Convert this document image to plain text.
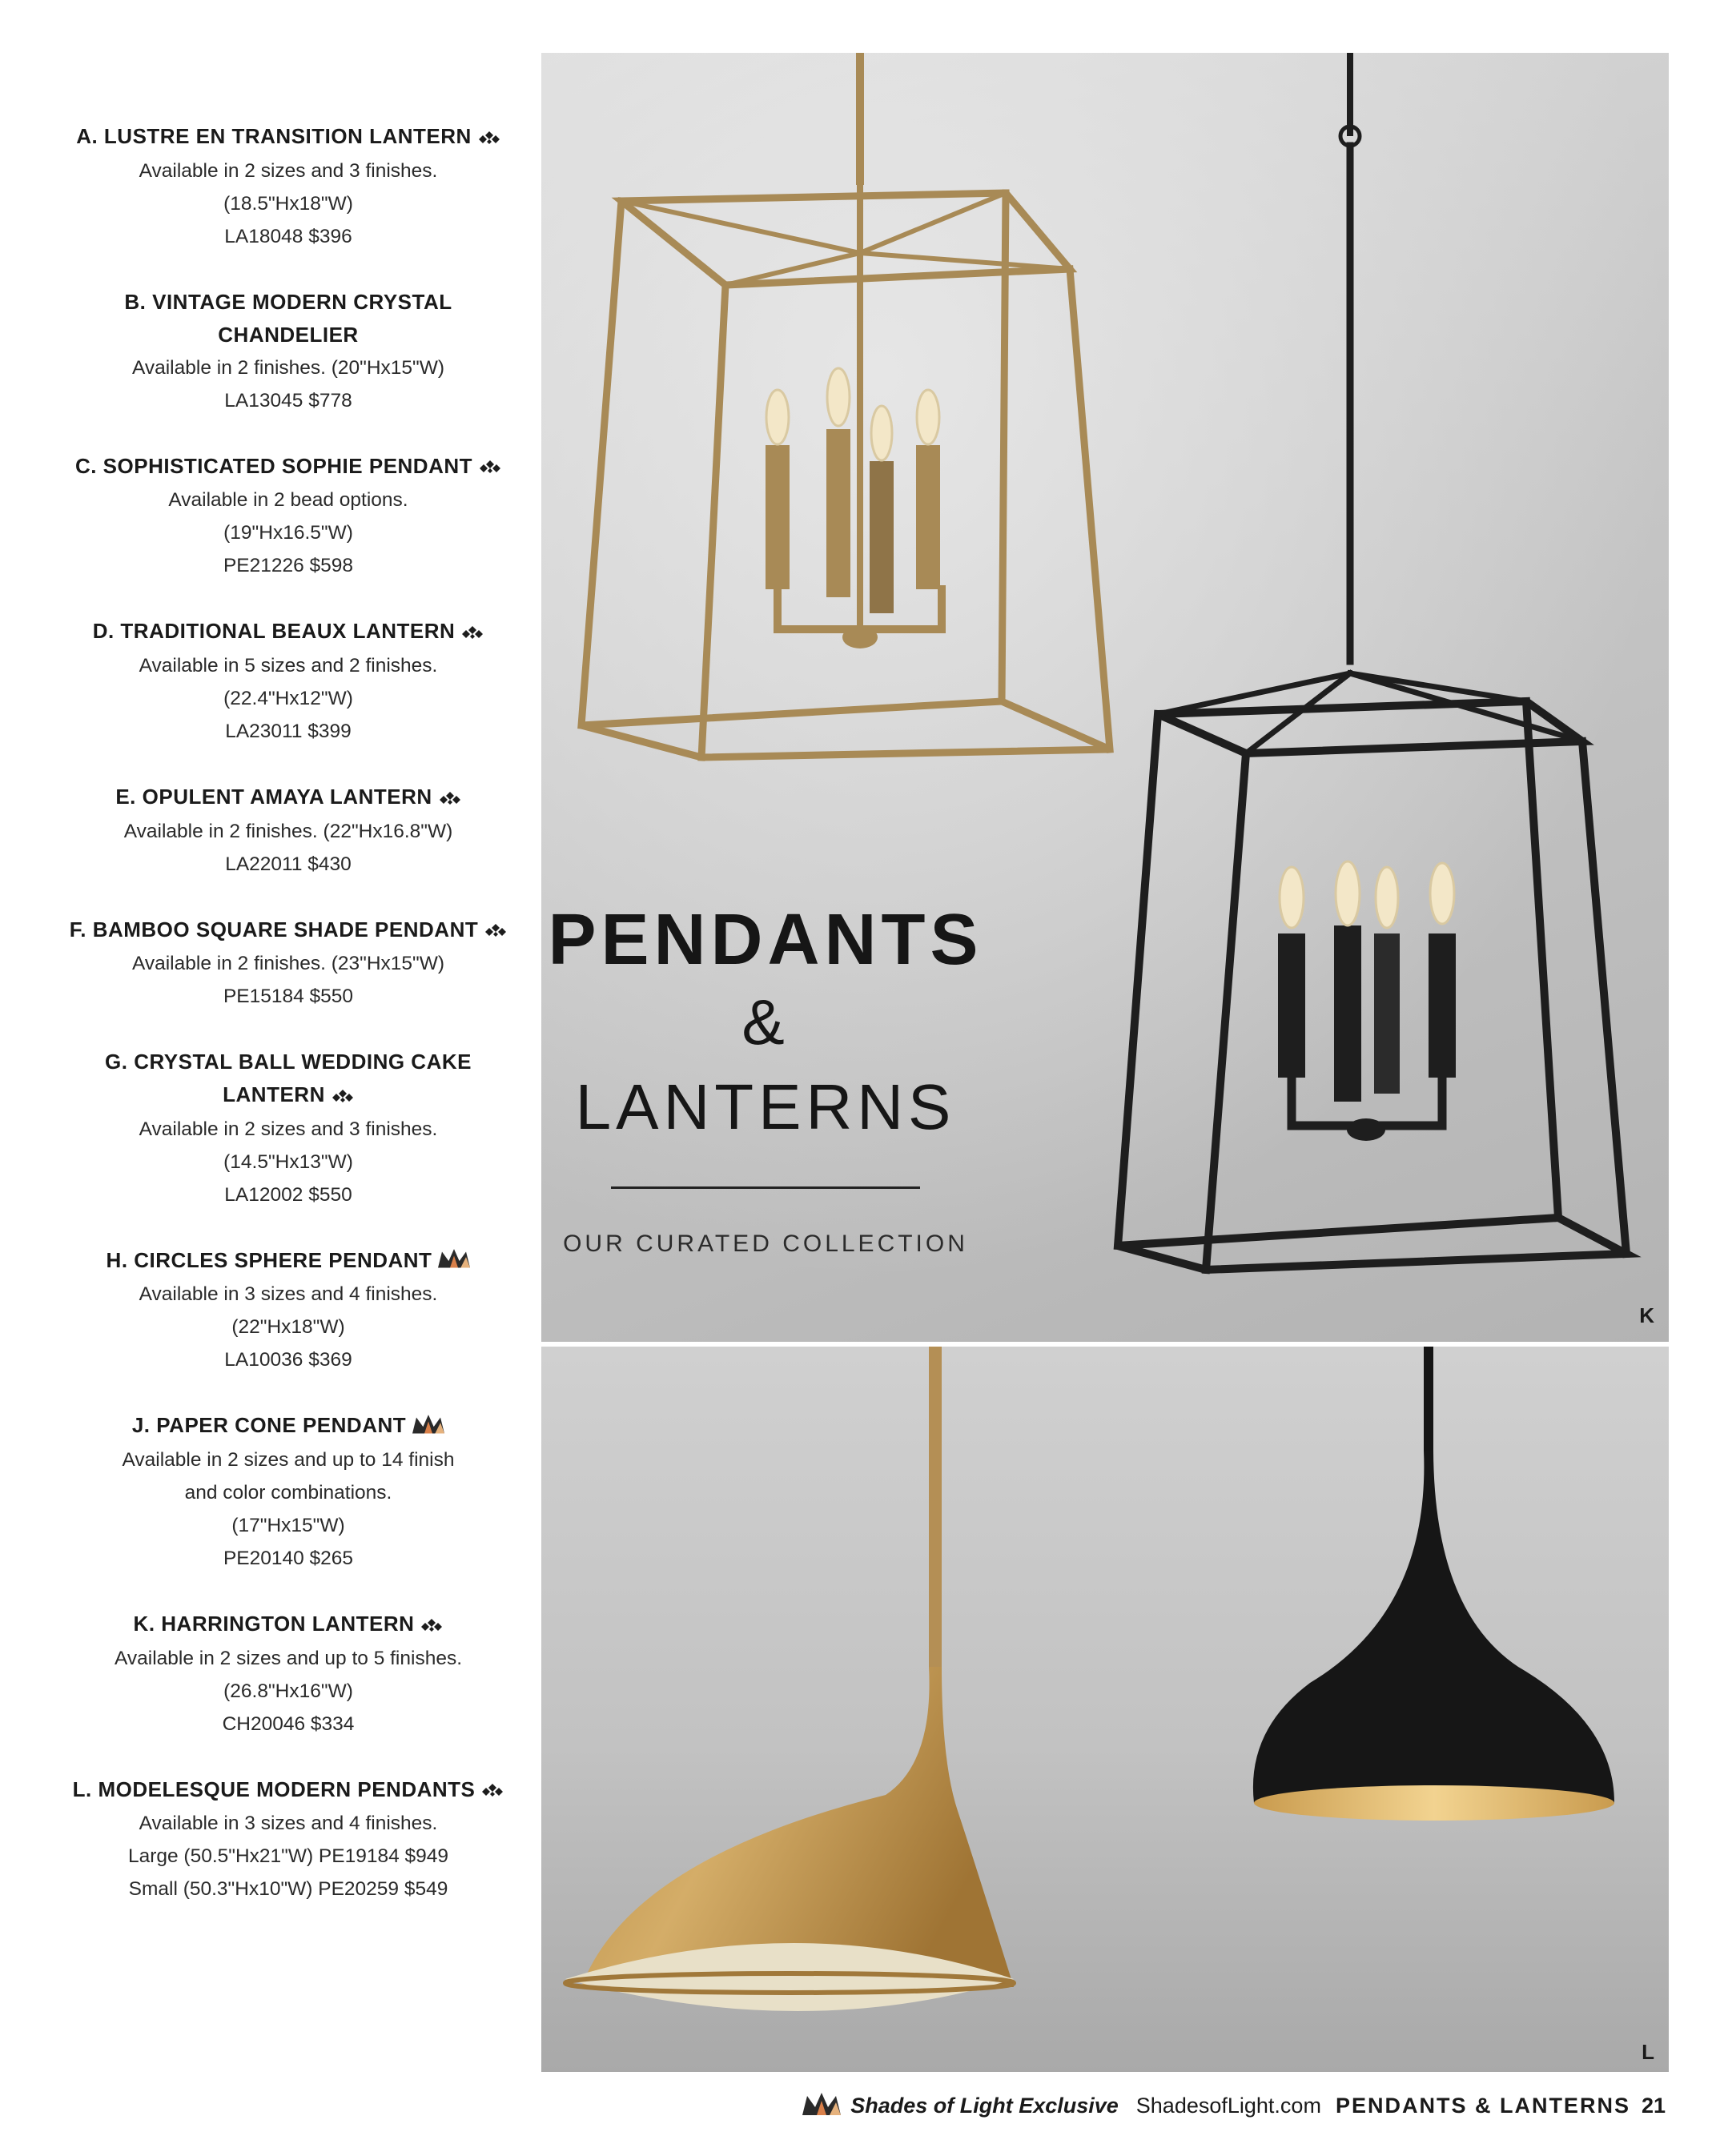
A. LUSTRE EN TRANSITION LANTERN
Available in 2 sizes and 3 finishes.
(18.5"Hx18"W)
LA18048 $396
B. VINTAGE MODERN CRYSTAL CHANDELIER
Available in 2 finishes. (20"Hx15"W)
LA13045 $778
C. SOPHISTICATED SOPHIE PENDANT
Available in 2 bead options.
(19"Hx16.5"W)
PE21226 $598
D. TRADITIONAL BEAUX LANTERN
Available in 5 sizes and 2 finishes.
(22.4"Hx12"W)
LA23011 $399
E. OPULENT AMAYA LANTERN
Available in 2 finishes. (22"Hx16.8"W)
LA22011 $430
F. BAMBOO SQUARE SHADE PENDANT
Available in 2 finishes. (23"Hx15"W)
PE15184 $550
G. CRYSTAL BALL WEDDING CAKE LANTERN
Available in 2 sizes and 3 finishes.
(14.5"Hx13"W)
LA12002 $550
H. CIRCLES SPHERE PENDANT
Available in 3 sizes and 4 finishes.
(22"Hx18"W)
LA10036 $369
J. PAPER CONE PENDANT
Available in 2 sizes and up to 14 finish
and color combinations.
(17"Hx15"W)
PE20140 $265
K. HARRINGTON LANTERN
Available in 2 sizes and up to 5 finishes.
(26.8"Hx16"W)
CH20046 $334
L. MODELESQUE MODERN PENDANTS
Available in 3 sizes and 4 finishes.
Large (50.5"Hx21"W) PE19184 $949
Small (50.3"Hx10"W) PE20259 $549
PENDANTS
& LANTERNS
OUR CURATED COLLECTION
K
L
Shades of Light Exclusive ShadesofLight.com PENDANTS & LANTERNS 21
